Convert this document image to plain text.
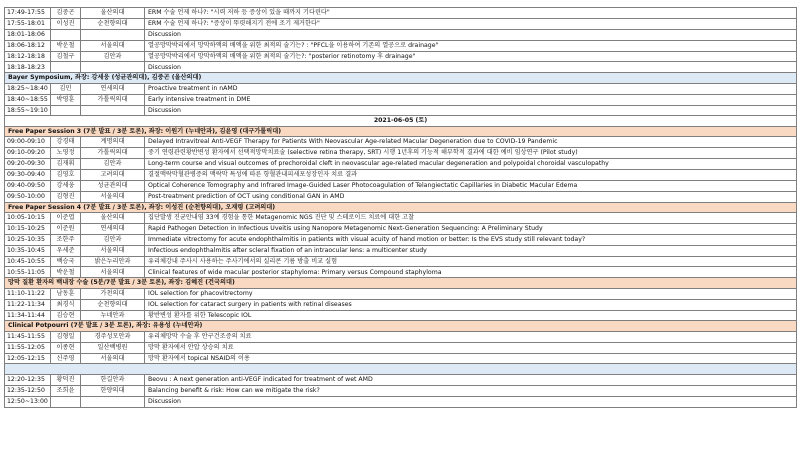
17:49-17:55	김중곤	울산의대	ERM 수술 언제 하나?: "시력 저하 등 증상이 있을 때까지 기다린다"
17:55-18:01	이성진	순천향의대	ERM 수술 언제 하나?: "증상이 뚜렷해지기 전에 조기 제거한다"
18:01-18:06			Discussion
18:06-18:12	박운철	서울의대	열공망막박리에서 망막하액의 배액을 위한 최적의 술기는? : "PFCL을 이용하여 기존의 열공으로 drainage"
18:12-18:18	김철구	김안과	열공망막박리에서 망막하액의 배액을 위한 최적의 술기는?: "posterior retinotomy 후 drainage"
18:18-18:23			Discussion
Bayer Symposium, 좌장: 강세웅 (성균관의대), 김중곤 (울산의대)			
18:25~18:40	김민	연세의대	Proactive treatment in nAMD
18:40~18:55	박영훈	가톨릭의대	Early intensive treatment in DME
18:55~19:10			Discussion
2021-06-05 (토)			
Free Paper Session 3 (7분 발표 / 3분 토론), 좌장: 이원기 (누네안과), 김윤영 (대구가톨릭대)			
09:00-09:10	강경태	계명의대	Delayed Intravitreal Anti-VEGF Therapy for Patients With Neovascular Age-related Macular Degeneration due to COVID-19 Pandemic
09:10-09:20	노영정	가톨릭의대	중기 연령관련황반변성 환자에서 선택적망막치료술 (selective retina therapy, SRT) 시행 1년후의 기능적 해부학적 결과에 대한 예비 임상연구 (Pilot study)
09:20-09:30	김재휘	김안과	Long-term course and visual outcomes of prechoroidal cleft in neovascular age-related macular degeneration and polypoidal choroidal vasculopathy
09:30-09:40	김영호	고려의대	결절맥락막혈관병증의 맥락막 특성에 따른 항혈관내피세포성장인자 치료 결과
09:40-09:50	강세웅	성균관의대	Optical Coherence Tomography and Infrared Image-Guided Laser Photocoagulation of Telangiectatic Capillaries in Diabetic Macular Edema
09:50-10:00	김형진	서울의대	Post-treatment prediction of OCT using conditional GAN in AMD
Free Paper Session 4 (7분 발표 / 3분 토론), 좌장: 이성진 (순천향의대), 오재령 (고려의대)			
10:05-10:15	이준엽	울산의대	집단발생 진균안내염 33예 경험을 통한 Metagenomic NGS 진단 및 스테로이드 치료에 대한 고찰
10:15-10:25	이준원	연세의대	Rapid Pathogen Detection in Infectious Uveitis using Nanopore Metagenomic Next-Generation Sequencing: A Preliminary Study
10:25-10:35	조한주	김안과	Immediate vitrectomy for acute endophthalmitis in patients with visual acuity of hand motion or better: Is the EVS study still relevant today?
10:35-10:45	우세준	서울의대	Infectious endophthalmitis after scleral fixation of an intraocular lens: a multicenter study
10:45-10:55	백승국	밝은누리안과	유리체강내 주사시 사용하는 주사기에서의 실리콘 기름 방출 비교 실험
10:55-11:05	박운철	서울의대	Clinical features of wide macular posterior staphyloma: Primary versus Compound staphyloma
망막 질환 환자의 백내장 수술 (5분/7분 발표 / 3분 토론), 좌장: 김혜진 (건국의대)			
11:10-11:22	남동훈	가천의대	IOL selection for phacovitrectomy
11:22-11:34	최경식	순천향의대	IOL selection for cataract surgery in patients with retinal diseases
11:34-11:44	김승현	누네안과	황반변성 환자를 위한 Telescopic IOL
Clinical Potpourri (7분 발표 / 3분 토론), 좌장: 유용성 (누네안과)			
11:45-11:55	김형일	경주성모안과	유리체망막 수술 후 안구건조증의 치료
11:55-12:05	이종현	일산백병원	망막 환자에서 안압 상승의 치료
12:05-12:15	신주영	서울의대	망막 환자에서 topical NSAID의 이용

12:20-12:35	황덕진	한길안과	Beovu : A next generation anti-VEGF indicated for treatment of wet AMD
12:35-12:50	조희윤	한양의대	Balancing benefit & risk: How can we mitigate the risk?
12:50~13:00			Discussion
